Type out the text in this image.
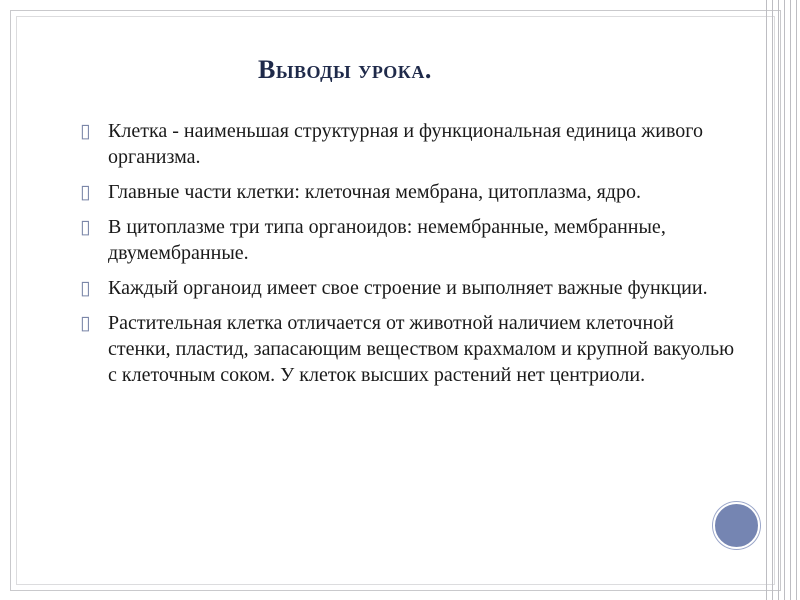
Выводы урока.
▯ Клетка - наименьшая структурная и функциональная единица живого организма.
▯ Главные части клетки: клеточная мембрана, цитоплазма, ядро.
▯ В цитоплазме три типа органоидов: немембранные, мембранные, двумембранные.
▯ Каждый органоид имеет свое строение и выполняет важные функции.
▯ Растительная клетка отличается от животной наличием клеточной стенки, пластид, запасающим веществом крахмалом и крупной вакуолью с клеточным соком. У клеток высших растений нет центриоли.
